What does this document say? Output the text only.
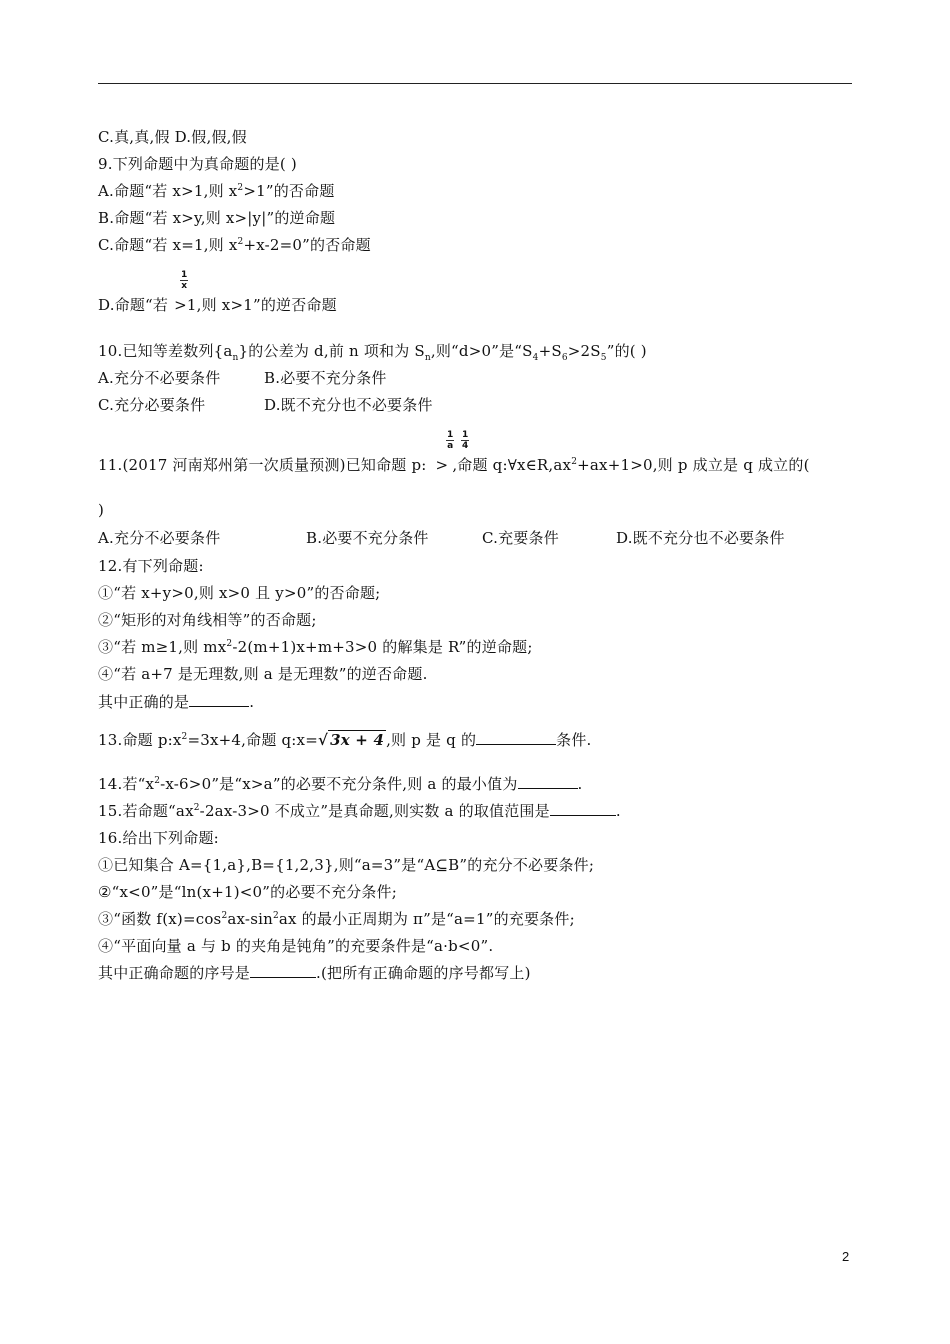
C.真,真,假 D.假,假,假
9.下列命题中为真命题的是( )
A.命题“若 x>1,则 $x^2>1$”的否命题
B.命题“若 x>y,则 x>|y|”的逆命题
C.命题“若 x=1,则 $x^2+x-2=0$”的否命题
$\frac{1}{x}$
D.命题“若 >1,则 x>1”的逆否命题
10.已知等差数列$\{a_n\}$的公差为 d,前 n 项和为 $S_n$,则“d>0”是“$S_4+S_6>2S_5$”的( )
A.充分不必要条件	B.必要不充分条件
C.充分必要条件	D.既不充分也不必要条件
$\frac{1}{a} \frac{1}{4}$
11.(2017 河南郑州第一次质量预测)已知命题 p: > ,命题 $q:\forall x\in R,ax^2+ax+1>0$,则 p 成立是 q 成立的(
)
A.充分不必要条件	B.必要不充分条件	C.充要条件	D.既不充分也不必要条件
12.有下列命题:
①“若 x+y>0,则 x>0 且 y>0”的否命题;
②“矩形的对角线相等”的否命题;
③“若 m≥1,则 $mx^2-2(m+1)x+m+3>0$ 的解集是 R”的逆命题;
④“若 a+7 是无理数,则 a 是无理数”的逆否命题.
其中正确的是	.
13.命题 $p:x^2=3x+4$,命题 q:x=√ 3x + 4 ,则 p 是 q 的	条件.
14.若“$x^2-x-6>0$”是“x>a”的必要不充分条件,则 a 的最小值为	.
15.若命题“$ax^2-2ax-3>0$ 不成立”是真命题,则实数 a 的取值范围是	.
16.给出下列命题:
①已知集合 A={1,a},B={1,2,3},则“a=3”是“A⊆B”的充分不必要条件;
②“x<0”是“ln(x+1)<0”的必要不充分条件;
③“函数 $f(x)=\cos^2ax-\sin^2ax$ 的最小正周期为 π”是“a=1”的充要条件;
④“平面向量 a 与 b 的夹角是钝角”的充要条件是“a·b<0”.
其中正确命题的序号是	.(把所有正确命题的序号都写上)
2
